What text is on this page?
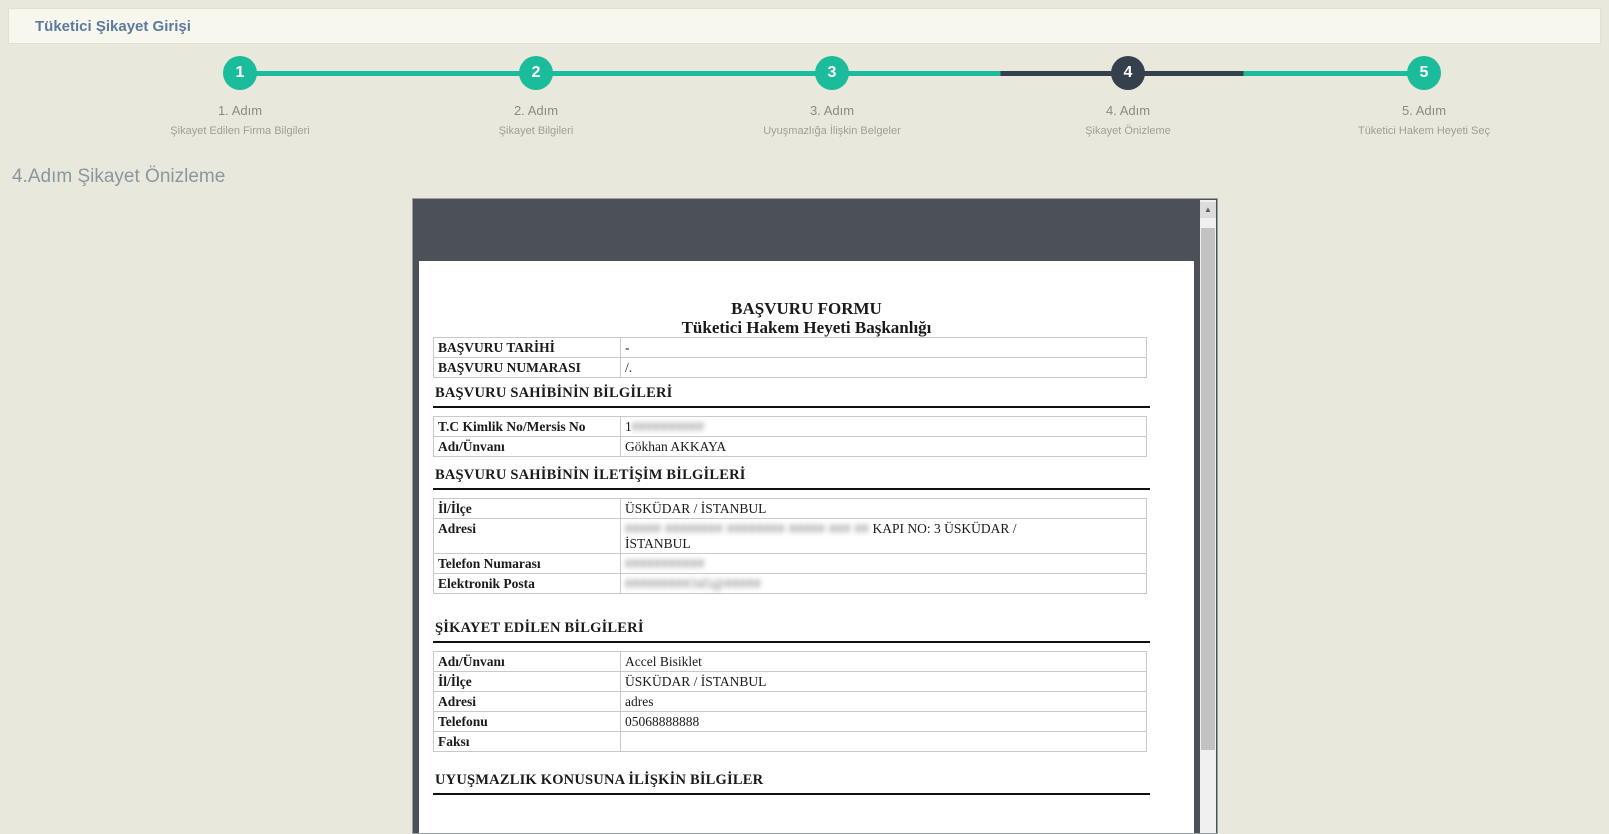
Tüketici Şikayet Girişi
1
1. Adım
Şikayet Edilen Firma Bilgileri
2
2. Adım
Şikayet Bilgileri
3
3. Adım
Uyuşmazlığa İlişkin Belgeler
4
4. Adım
Şikayet Önizleme
5
5. Adım
Tüketici Hakem Heyeti Seç
4.Adım Şikayet Önizleme
BAŞVURU FORMU
Tüketici Hakem Heyeti Başkanlığı
BAŞVURU TARİHİ	-
BAŞVURU NUMARASI	/.
BAŞVURU SAHİBİNİN BİLGİLERİ
T.C Kimlik No/Mersis No	1##########
Adı/Ünvanı	Gökhan AKKAYA
BAŞVURU SAHİBİNİN İLETİŞİM BİLGİLERİ
İl/İlçe	ÜSKÜDAR / İSTANBUL
Adresi	##### ######## ######## ##### ### ## KAPI NO: 3 ÜSKÜDAR /
İSTANBUL
Telefon Numarası	###########
Elektronik Posta	#########345@#####
ŞİKAYET EDİLEN BİLGİLERİ
Adı/Ünvanı	Accel Bisiklet
İl/İlçe	ÜSKÜDAR / İSTANBUL
Adresi	adres
Telefonu	05068888888
Faksı	
UYUŞMAZLIK KONUSUNA İLİŞKİN BİLGİLER
▲
